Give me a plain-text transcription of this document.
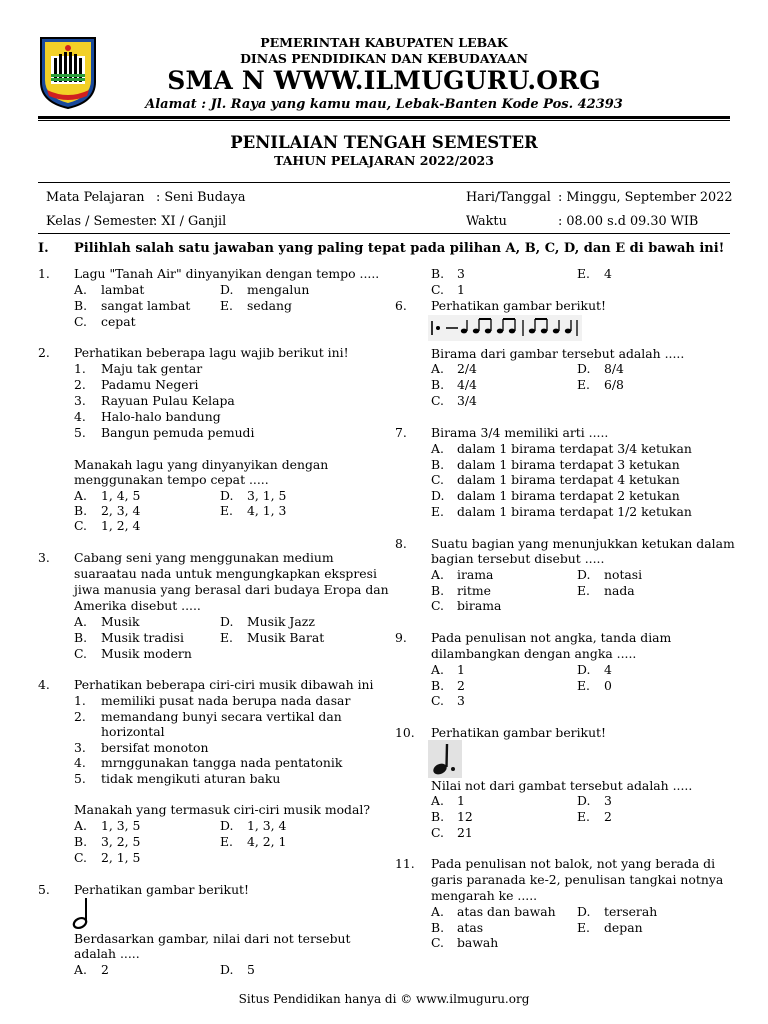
PEMERINTAH KABUPATEN LEBAK
DINAS PENDIDIKAN DAN KEBUDAYAAN
SMA N WWW.ILMUGURU.ORG
Alamat : Jl. Raya yang kamu mau, Lebak-Banten Kode Pos. 42393
PENILAIAN TENGAH SEMESTER
TAHUN PELAJARAN 2022/2023
Mata Pelajaran : Seni Budaya
Kelas / Semester
: XI / Ganjil
Hari/Tanggal : Minggu, September 2022
Waktu	: 08.00 s.d 09.30 WIB
I. Pilihlah salah satu jawaban yang paling tepat pada pilihan A, B, C, D, dan E di bawah ini!
1. Lagu "Tanah Air" dinyanyikan dengan tempo .....
A. lambat	D. mengalun
B. sangat lambat E. sedang
C. cepat
2. Perhatikan beberapa lagu wajib berikut ini!
1. Maju tak gentar
2. Padamu Negeri
3. Rayuan Pulau Kelapa
4. Halo-halo bandung
5. Bangun pemuda pemudi
Manakah lagu yang dinyanyikan dengan
menggunakan tempo cepat .....
A. 1, 4, 5	D. 3, 1, 5
B. 2, 3, 4	E. 4, 1, 3
C. 1, 2, 4
3. Cabang seni yang menggunakan medium
suaraatau nada untuk mengungkapkan ekspresi
jiwa manusia yang berasal dari budaya Eropa dan
Amerika disebut .....
A. Musik	D. Musik Jazz
B. Musik tradisi	E. Musik Barat
C. Musik modern
4. Perhatikan beberapa ciri-ciri musik dibawah ini
1. memiliki pusat nada berupa nada dasar
2. memandang bunyi secara vertikal dan
horizontal
3. bersifat monoton
4. mrnggunakan tangga nada pentatonik
5. tidak mengikuti aturan baku
Manakah yang termasuk ciri-ciri musik modal?
A. 1, 3, 5	D. 1, 3, 4
B. 3, 2, 5	E. 4, 2, 1
C. 2, 1, 5
5. Perhatikan gambar berikut!
Berdasarkan gambar, nilai dari not tersebut
adalah .....
A. 2	D. 5
B. 3	E. 4
C. 1
6. Perhatikan gambar berikut!
Birama dari gambar tersebut adalah .....
A. 2/4	D. 8/4
B. 4/4	E. 6/8
C. 3/4
7. Birama 3/4 memiliki arti .....
A. dalam 1 birama terdapat 3/4 ketukan
B. dalam 1 birama terdapat 3 ketukan
C. dalam 1 birama terdapat 4 ketukan
D. dalam 1 birama terdapat 2 ketukan
E. dalam 1 birama terdapat 1/2 ketukan
8. Suatu bagian yang menunjukkan ketukan dalam
bagian tersebut disebut .....
A. irama	D. notasi
B. ritme	E. nada
C. birama
9. Pada penulisan not angka, tanda diam
dilambangkan dengan angka .....
A. 1	D. 4
B. 2	E. 0
C. 3
10. Perhatikan gambar berikut!
Nilai not dari gambat tersebut adalah .....
A. 1	D. 3
B. 12	E. 2
C. 21
11. Pada penulisan not balok, not yang berada di
garis paranada ke-2, penulisan tangkai notnya
mengarah ke .....
A. atas dan bawah D. terserah
B. atas	E. depan
C. bawah
Situs Pendidikan hanya di © www.ilmuguru.org
